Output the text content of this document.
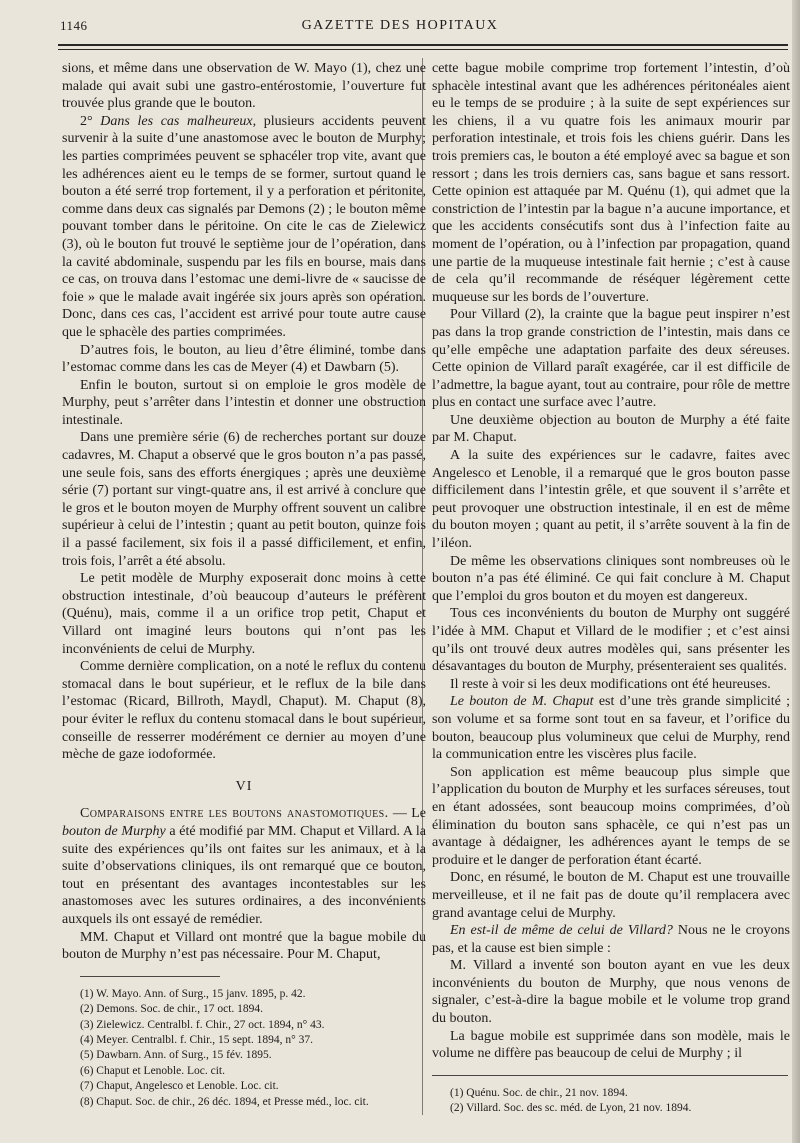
1146	GAZETTE DES HOPITAUX

sions, et même dans une observation de W. Mayo (1), chez une malade qui avait subi une gastro-entérostomie, l’ouverture fut trouvée plus grande que le bouton.

2° Dans les cas malheureux, plusieurs accidents peuvent survenir à la suite d’une anastomose avec le bouton de Murphy; les parties comprimées peuvent se sphacéler trop vite, avant que les adhérences aient eu le temps de se former, surtout quand le bouton a été serré trop fortement, il y a perforation et péritonite, comme dans deux cas signalés par Demons (2) ; le bouton même pouvant tomber dans le péritoine. On cite le cas de Zielewicz (3), où le bouton fut trouvé le septième jour de l’opération, dans la cavité abdominale, suspendu par les fils en bourse, mais dans ce cas, on trouva dans l’estomac une demi-livre de « saucisse de foie » que le malade avait ingérée six jours après son opération. Donc, dans ces cas, l’accident est arrivé pour toute autre cause que le sphacèle des parties comprimées.

D’autres fois, le bouton, au lieu d’être éliminé, tombe dans l’estomac comme dans les cas de Meyer (4) et Dawbarn (5).

Enfin le bouton, surtout si on emploie le gros modèle de Murphy, peut s’arrêter dans l’intestin et donner une obstruction intestinale.

Dans une première série (6) de recherches portant sur douze cadavres, M. Chaput a observé que le gros bouton n’a pas passé, une seule fois, sans des efforts énergiques ; après une deuxième série (7) portant sur vingt-quatre ans, il est arrivé à conclure que le gros et le bouton moyen de Murphy offrent souvent un calibre supérieur à celui de l’intestin ; quant au petit bouton, quinze fois il a passé facilement, six fois il a passé difficilement, et enfin, trois fois, l’arrêt a été absolu.

Le petit modèle de Murphy exposerait donc moins à cette obstruction intestinale, d’où beaucoup d’auteurs le préfèrent (Quénu), mais, comme il a un orifice trop petit, Chaput et Villard ont imaginé leurs boutons qui n’ont pas les inconvénients de celui de Murphy.

Comme dernière complication, on a noté le reflux du contenu stomacal dans le bout supérieur, et le reflux de la bile dans l’estomac (Ricard, Billroth, Maydl, Chaput). M. Chaput (8), pour éviter le reflux du contenu stomacal dans le bout supérieur, conseille de resserrer modérément ce dernier au moyen d’une mèche de gaze iodoformée.

VI

Comparaisons entre les boutons anastomotiques. — Le bouton de Murphy a été modifié par MM. Chaput et Villard. A la suite des expériences qu’ils ont faites sur les animaux, et à la suite d’observations cliniques, ils ont remarqué que ce bouton, tout en présentant des avantages incontestables sur les anastomoses avec les sutures ordinaires, a des inconvénients auxquels ils ont essayé de remédier.

MM. Chaput et Villard ont montré que la bague mobile du bouton de Murphy n’est pas nécessaire. Pour M. Chaput,

(1) W. Mayo. Ann. of Surg., 15 janv. 1895, p. 42.
(2) Demons. Soc. de chir., 17 oct. 1894.
(3) Zielewicz. Centralbl. f. Chir., 27 oct. 1894, n° 43.
(4) Meyer. Centralbl. f. Chir., 15 sept. 1894, n° 37.
(5) Dawbarn. Ann. of Surg., 15 fév. 1895.
(6) Chaput et Lenoble. Loc. cit.
(7) Chaput, Angelesco et Lenoble. Loc. cit.
(8) Chaput. Soc. de chir., 26 déc. 1894, et Presse méd., loc. cit.

cette bague mobile comprime trop fortement l’intestin, d’où sphacèle intestinal avant que les adhérences péritonéales aient eu le temps de se produire ; à la suite de sept expériences sur les chiens, il a vu quatre fois les animaux mourir par perforation intestinale, et trois fois les chiens guérir. Dans les trois premiers cas, le bouton a été employé avec sa bague et son ressort ; dans les trois derniers cas, sans bague et sans ressort. Cette opinion est attaquée par M. Quénu (1), qui admet que la constriction de l’intestin par la bague n’a aucune importance, et que les accidents consécutifs sont dus à l’infection faite au moment de l’opération, ou à l’infection par propagation, quand une partie de la muqueuse intestinale fait hernie ; c’est à cause de cela qu’il recommande de réséquer légèrement cette muqueuse sur les bords de l’ouverture.

Pour Villard (2), la crainte que la bague peut inspirer n’est pas dans la trop grande constriction de l’intestin, mais dans ce qu’elle empêche une adaptation parfaite des deux séreuses. Cette opinion de Villard paraît exagérée, car il est difficile de l’admettre, la bague ayant, tout au contraire, pour rôle de mettre plus en contact une surface avec l’autre.

Une deuxième objection au bouton de Murphy a été faite par M. Chaput.

A la suite des expériences sur le cadavre, faites avec Angelesco et Lenoble, il a remarqué que le gros bouton passe difficilement dans l’intestin grêle, et que souvent il s’arrête et peut provoquer une obstruction intestinale, il en est de même du bouton moyen ; quant au petit, il s’arrête souvent à la fin de l’iléon.

De même les observations cliniques sont nombreuses où le bouton n’a pas été éliminé. Ce qui fait conclure à M. Chaput que l’emploi du gros bouton et du moyen est dangereux.

Tous ces inconvénients du bouton de Murphy ont suggéré l’idée à MM. Chaput et Villard de le modifier ; et c’est ainsi qu’ils ont trouvé deux autres modèles qui, sans présenter les désavantages du bouton de Murphy, présenteraient ses qualités.

Il reste à voir si les deux modifications ont été heureuses.

Le bouton de M. Chaput est d’une très grande simplicité ; son volume et sa forme sont tout en sa faveur, et l’orifice du bouton, beaucoup plus volumineux que celui de Murphy, rend la communication entre les viscères plus facile.

Son application est même beaucoup plus simple que l’application du bouton de Murphy et les surfaces séreuses, tout en étant adossées, sont beaucoup moins comprimées, d’où élimination du bouton sans sphacèle, ce qui n’est pas un avantage à dédaigner, les adhérences ayant le temps de se produire et le danger de perforation étant écarté.

Donc, en résumé, le bouton de M. Chaput est une trouvaille merveilleuse, et il ne fait pas de doute qu’il remplacera avec grand avantage celui de Murphy.

En est-il de même de celui de Villard? Nous ne le croyons pas, et la cause est bien simple :

M. Villard a inventé son bouton ayant en vue les deux inconvénients du bouton de Murphy, que nous venons de signaler, c’est-à-dire la bague mobile et le volume trop grand du bouton.

La bague mobile est supprimée dans son modèle, mais le volume ne diffère pas beaucoup de celui de Murphy ; il

(1) Quénu. Soc. de chir., 21 nov. 1894.
(2) Villard. Soc. des sc. méd. de Lyon, 21 nov. 1894.
